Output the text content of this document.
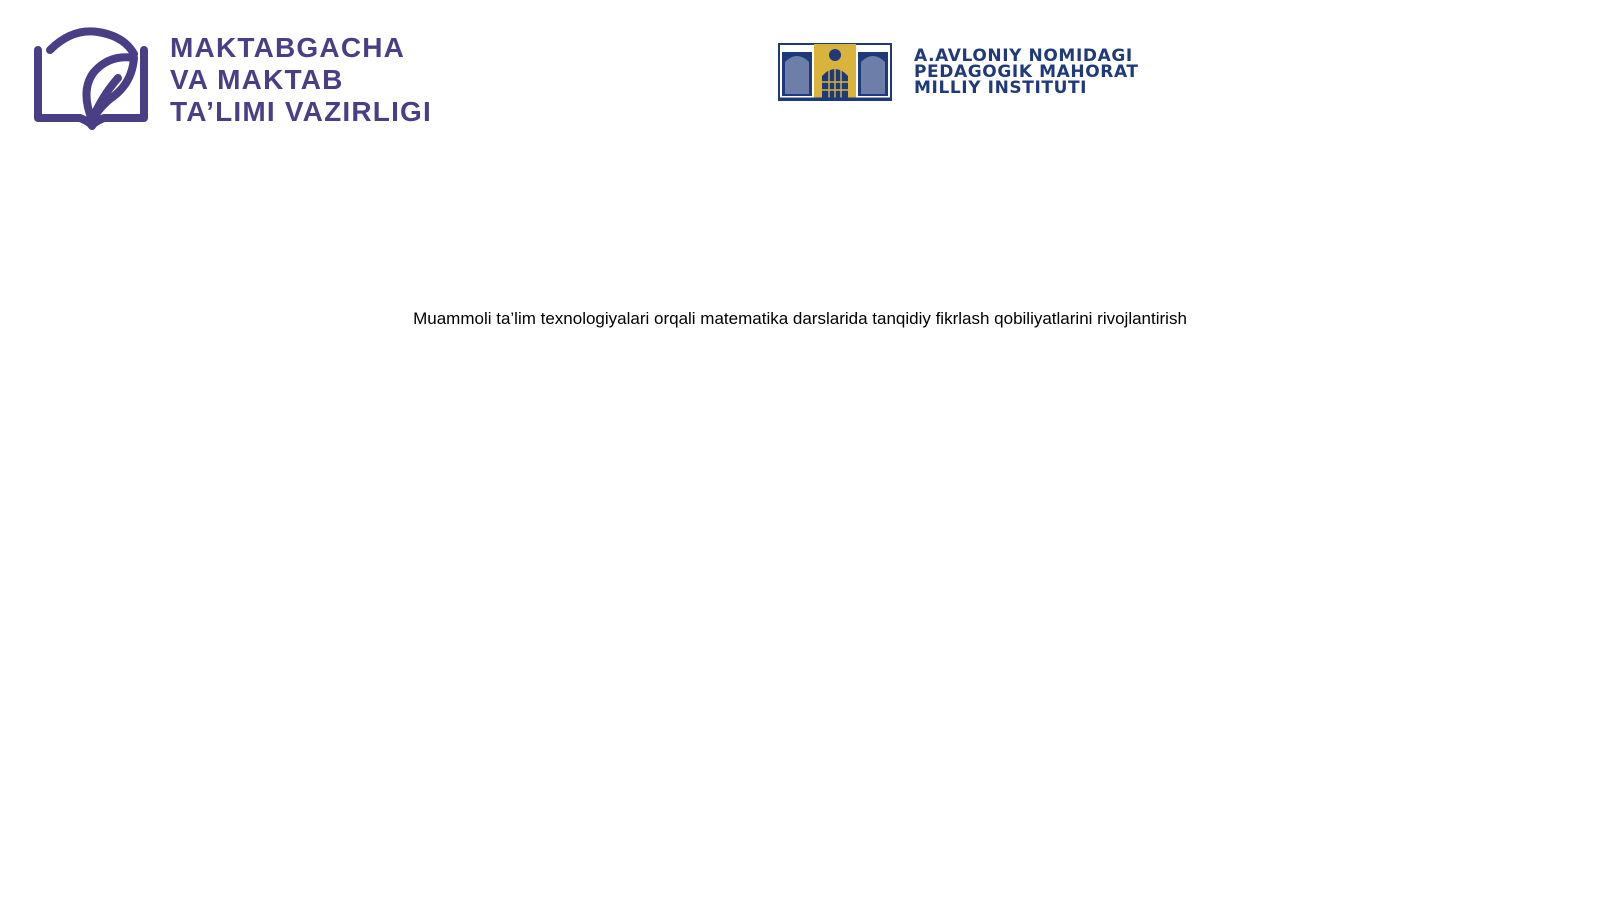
MAKTABGACHA
VA MAKTAB
TA’LIMI VAZIRLIGI
A.AVLONIY NOMIDAGI
PEDAGOGIK MAHORAT
MILLIY INSTITUTI
Muammoli ta’lim texnologiyalari orqali matematika darslarida tanqidiy fikrlash qobiliyatlarini rivojlantirish
